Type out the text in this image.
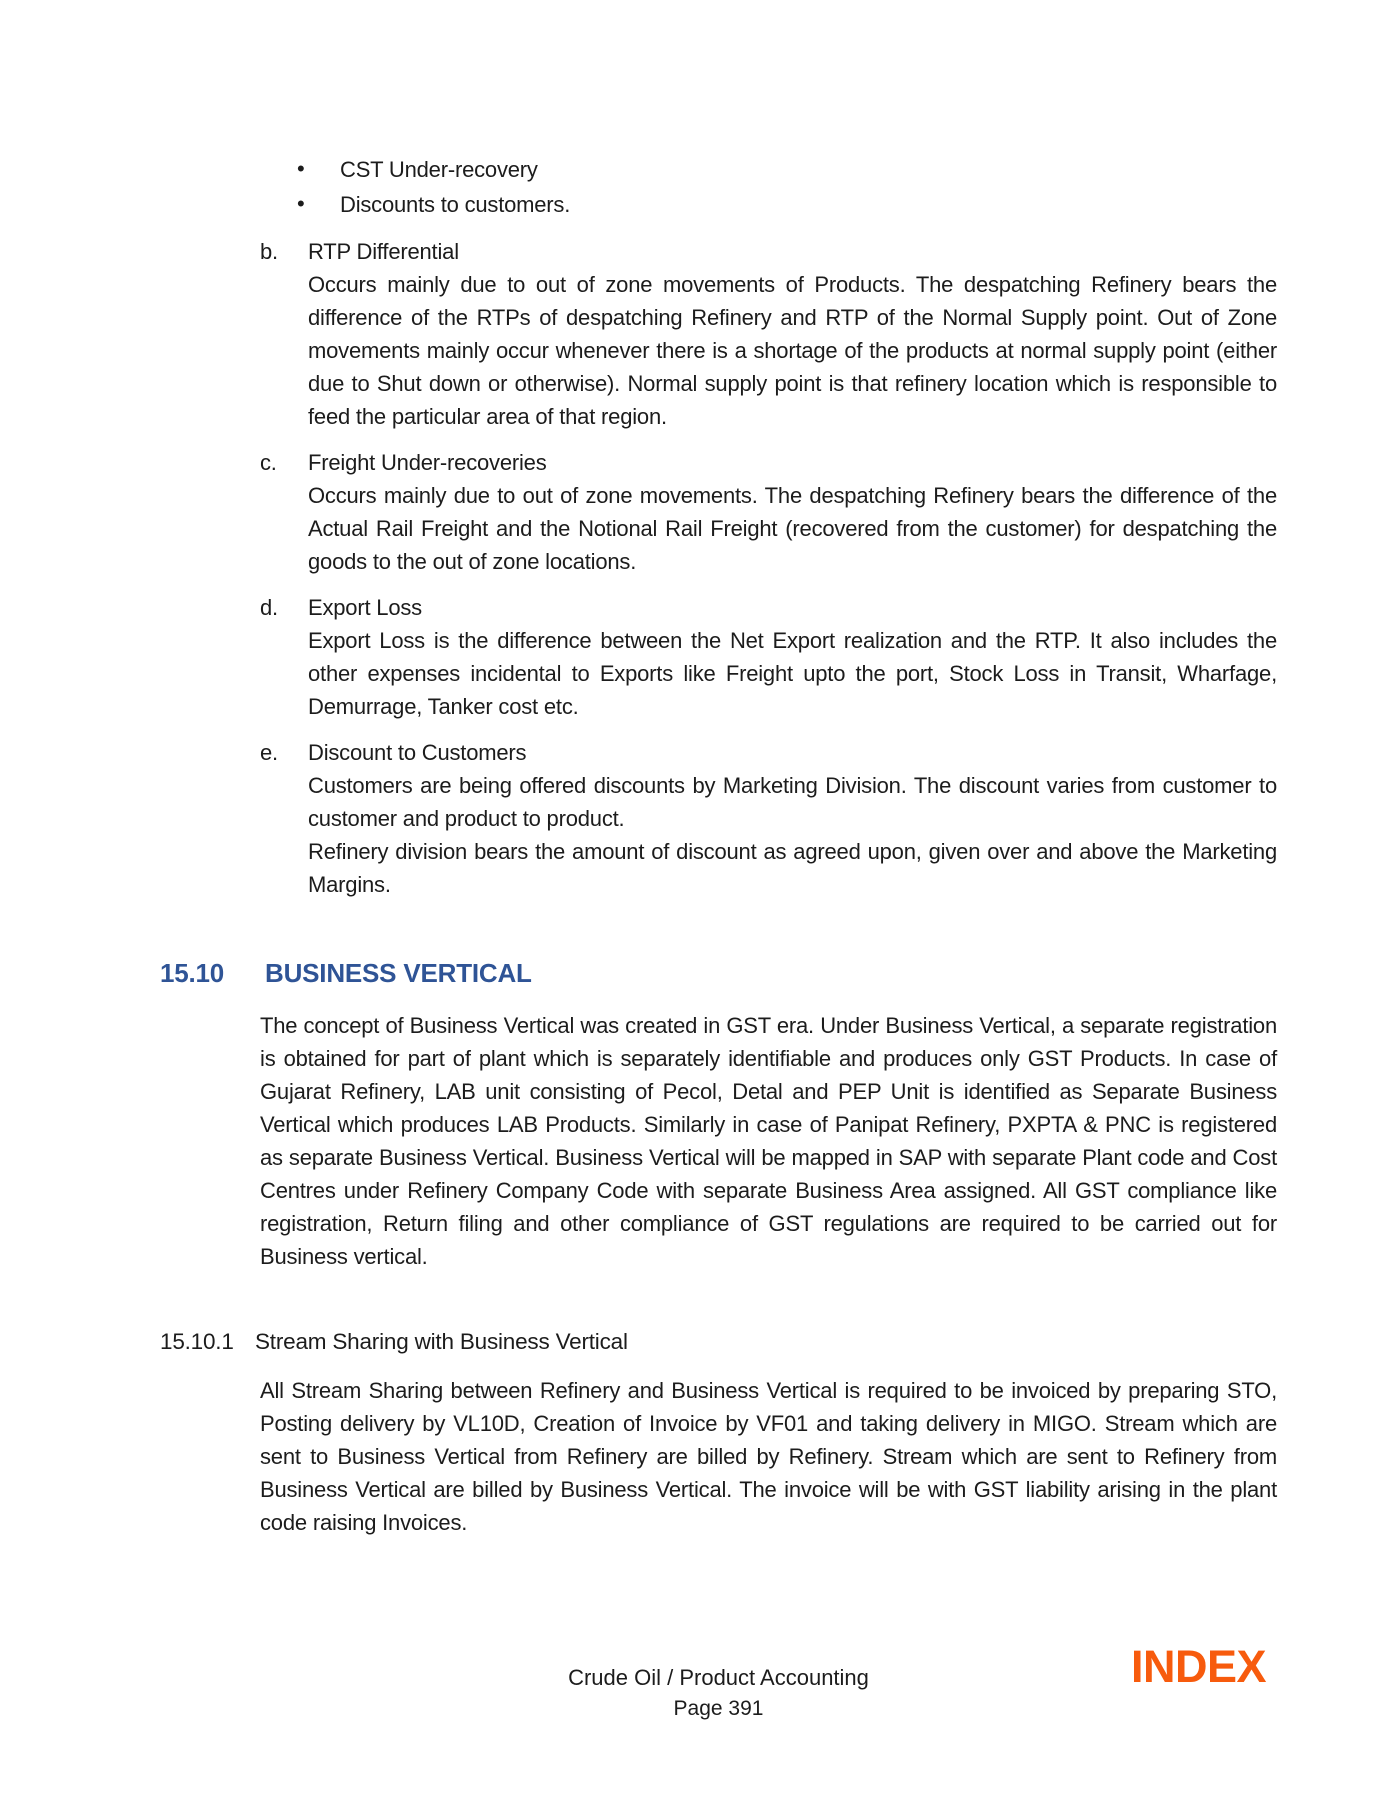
• CST Under-recovery
• Discounts to customers.
b. RTP Differential
Occurs mainly due to out of zone movements of Products. The despatching Refinery bears the difference of the RTPs of despatching Refinery and RTP of the Normal Supply point. Out of Zone movements mainly occur whenever there is a shortage of the products at normal supply point (either due to Shut down or otherwise). Normal supply point is that refinery location which is responsible to feed the particular area of that region.
c. Freight Under-recoveries
Occurs mainly due to out of zone movements. The despatching Refinery bears the difference of the Actual Rail Freight and the Notional Rail Freight (recovered from the customer) for despatching the goods to the out of zone locations.
d. Export Loss
Export Loss is the difference between the Net Export realization and the RTP. It also includes the other expenses incidental to Exports like Freight upto the port, Stock Loss in Transit, Wharfage, Demurrage, Tanker cost etc.
e. Discount to Customers
Customers are being offered discounts by Marketing Division. The discount varies from customer to customer and product to product.
Refinery division bears the amount of discount as agreed upon, given over and above the Marketing Margins.
15.10 BUSINESS VERTICAL
The concept of Business Vertical was created in GST era. Under Business Vertical, a separate registration is obtained for part of plant which is separately identifiable and produces only GST Products. In case of Gujarat Refinery, LAB unit consisting of Pecol, Detal and PEP Unit is identified as Separate Business Vertical which produces LAB Products. Similarly in case of Panipat Refinery, PXPTA & PNC is registered as separate Business Vertical. Business Vertical will be mapped in SAP with separate Plant code and Cost Centres under Refinery Company Code with separate Business Area assigned. All GST compliance like registration, Return filing and other compliance of GST regulations are required to be carried out for Business vertical.
15.10.1 Stream Sharing with Business Vertical
All Stream Sharing between Refinery and Business Vertical is required to be invoiced by preparing STO, Posting delivery by VL10D, Creation of Invoice by VF01 and taking delivery in MIGO. Stream which are sent to Business Vertical from Refinery are billed by Refinery. Stream which are sent to Refinery from Business Vertical are billed by Business Vertical. The invoice will be with GST liability arising in the plant code raising Invoices.
Crude Oil / Product Accounting
Page 391
INDEX
